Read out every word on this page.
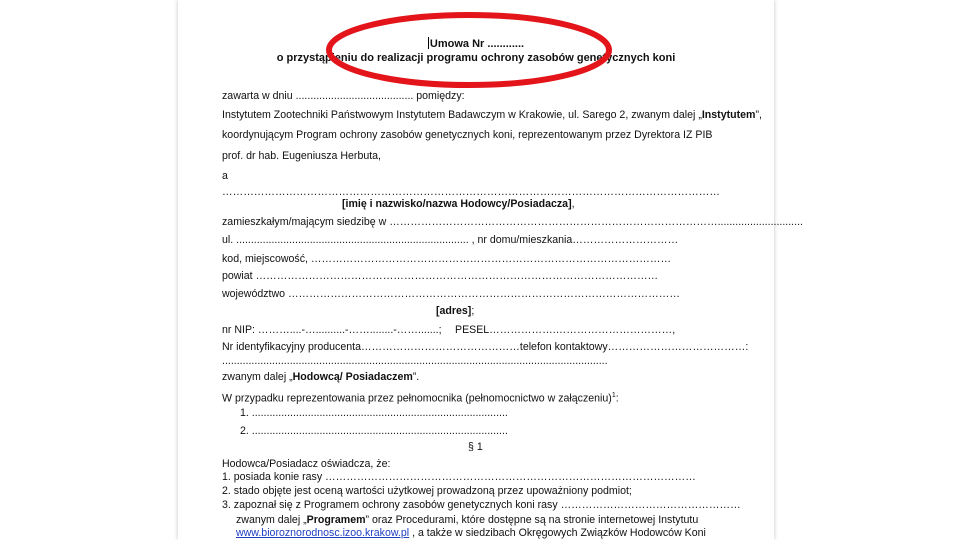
Umowa Nr ............
o przystąpieniu do realizacji programu ochrony zasobów genetycznych koni
zawarta w dniu ........................................ pomiędzy:
Instytutem Zootechniki Państwowym Instytutem Badawczym w Krakowie, ul. Sarego 2, zwanym dalej „Instytutem”,
koordynującym Program ochrony zasobów genetycznych koni, reprezentowanym przez Dyrektora IZ PIB
prof. dr hab. Eugeniusza Herbuta,
a
……………………………………………………………………………………………………………………………
[imię i nazwisko/nazwa Hodowcy/Posiadacza],
zamieszkałym/mającym siedzibę w ………………………………………………………………………………….............................
ul. ............................................................................... , nr domu/mieszkania…………………………
kod, miejscowość, …………………………………………………………………………………………
powiat ……………………………………………………………………………………………………
województwo …………………………………………………………………………………………………
[adres];
nr NIP: ………....-…..........-……........-…….......; PESEL……………….……………………………,
Nr identyfikacyjny producenta………………………………………telefon kontaktowy…………………………………:
...................................................................................................................................
zwanym dalej „Hodowcą/ Posiadaczem”.
W przypadku reprezentowania przez pełnomocnika (pełnomocnictwo w załączeniu)$^1$:
1. .......................................................................................
2. .......................................................................................
§ 1
Hodowca/Posiadacz oświadcza, że:
1. posiada konie rasy ……………………………………………………………………………………………
2. stado objęte jest oceną wartości użytkowej prowadzoną przez upoważniony podmiot;
3. zapoznał się z Programem ochrony zasobów genetycznych koni rasy ……………………………………………
zwanym dalej „Programem” oraz Procedurami, które dostępne są na stronie internetowej Instytutu
www.bioroznorodnosc.izoo.krakow.pl , a także w siedzibach Okręgowych Związków Hodowców Koni
